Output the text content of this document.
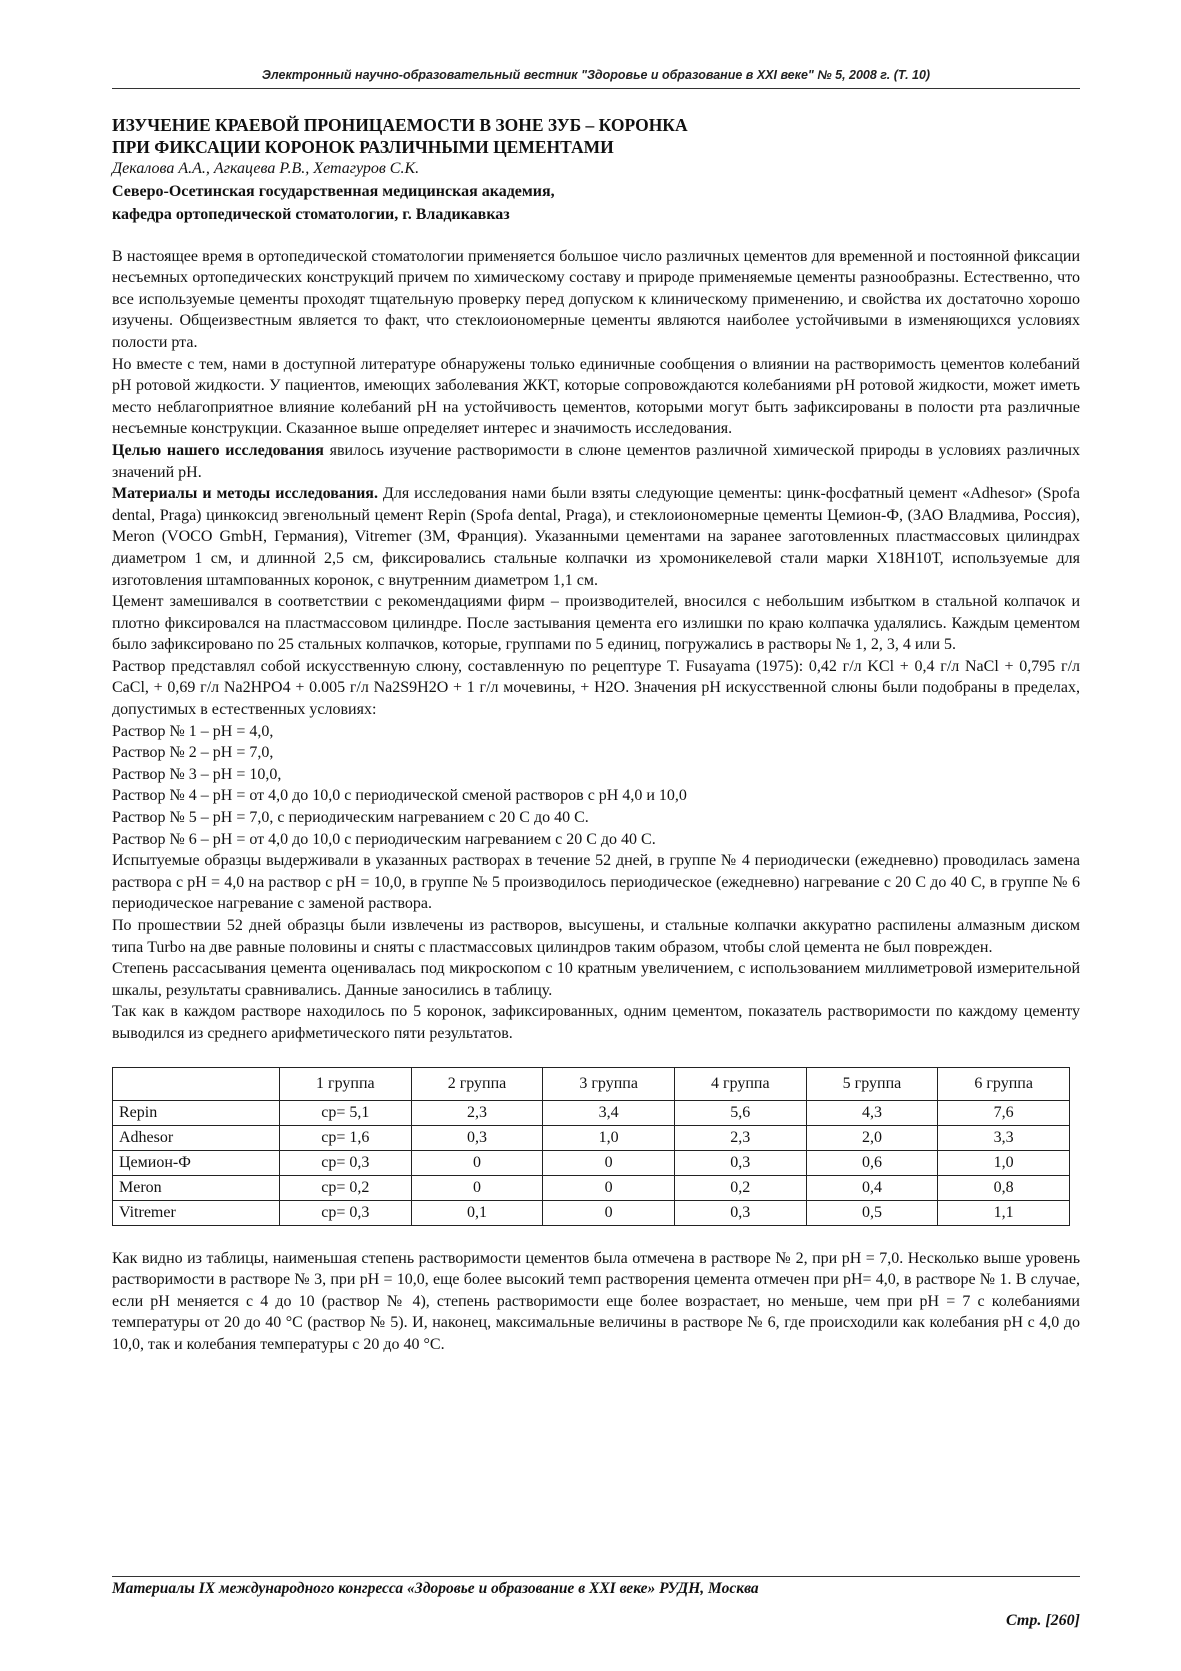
Электронный научно-образовательный вестник "Здоровье и образование в XXI веке" № 5, 2008 г. (Т. 10)

ИЗУЧЕНИЕ КРАЕВОЙ ПРОНИЦАЕМОСТИ В ЗОНЕ ЗУБ – КОРОНКА

ПРИ ФИКСАЦИИ КОРОНОК РАЗЛИЧНЫМИ ЦЕМЕНТАМИ

Декалова А.А., Агкацева Р.В., Хетагуров С.К.

Северо-Осетинская государственная медицинская академия,

кафедра ортопедической стоматологии, г. Владикавказ

В настоящее время в ортопедической стоматологии применяется большое число различных цементов для временной и постоянной фиксации несъемных ортопедических конструкций причем по химическому составу и природе применяемые цементы разнообразны. Естественно, что все используемые цементы проходят тщательную проверку перед допуском к клиническому применению, и свойства их достаточно хорошо изучены. Общеизвестным является то факт, что стеклоиономерные цементы являются наиболее устойчивыми в изменяющихся условиях полости рта.

Но вместе с тем, нами в доступной литературе обнаружены только единичные сообщения о влиянии на растворимость цементов колебаний pH ротовой жидкости. У пациентов, имеющих заболевания ЖКТ, которые сопровождаются колебаниями pH ротовой жидкости, может иметь место неблагоприятное влияние колебаний pH на устойчивость цементов, которыми могут быть зафиксированы в полости рта различные несъемные конструкции. Сказанное выше определяет интерес и значимость исследования.

Целью нашего исследования явилось изучение растворимости в слюне цементов различной химической природы в условиях различных значений pH.

Материалы и методы исследования. Для исследования нами были взяты следующие цементы: цинк-фосфатный цемент «Adhesor» (Spofa dental, Praga) цинкоксид эвгенольный цемент Repin (Spofa dental, Praga), и стеклоиономерные цементы Цемион-Ф, (ЗАО Владмива, Россия), Meron (VOCO GmbH, Германия), Vitremer (3M, Франция). Указанными цементами на заранее заготовленных пластмассовых цилиндрах диаметром 1 см, и длинной 2,5 см, фиксировались стальные колпачки из хромоникелевой стали марки Х18Н10Т, используемые для изготовления штампованных коронок, с внутренним диаметром 1,1 см.

Цемент замешивался в соответствии с рекомендациями фирм – производителей, вносился с небольшим избытком в стальной колпачок и плотно фиксировался на пластмассовом цилиндре. После застывания цемента его излишки по краю колпачка удалялись. Каждым цементом было зафиксировано по 25 стальных колпачков, которые, группами по 5 единиц, погружались в растворы № 1, 2, 3, 4 или 5.

Раствор представлял собой искусственную слюну, составленную по рецептуре T. Fusayama (1975): 0,42 г/л KCl + 0,4 г/л NaCl + 0,795 г/л CaCl, + 0,69 г/л Na2HPO4 + 0.005 г/л Na2S9H2O + 1 г/л мочевины, + H2O. Значения pH искусственной слюны были подобраны в пределах, допустимых в естественных условиях:

Раствор № 1 – pH = 4,0,

Раствор № 2 – pH = 7,0,

Раствор № 3 – pH = 10,0,

Раствор № 4 – pH = от 4,0 до 10,0 с периодической сменой растворов с pH 4,0 и 10,0

Раствор № 5 – pH = 7,0, с периодическим нагреванием с 20 С до 40 С.

Раствор № 6 – pH = от 4,0 до 10,0 с периодическим нагреванием с 20 С до 40 С.

Испытуемые образцы выдерживали в указанных растворах в течение 52 дней, в группе № 4 периодически (ежедневно) проводилась замена раствора с pH = 4,0 на раствор с pH = 10,0, в группе № 5 производилось периодическое (ежедневно) нагревание с 20 С до 40 С, в группе № 6 периодическое нагревание с заменой раствора.

По прошествии 52 дней образцы были извлечены из растворов, высушены, и стальные колпачки аккуратно распилены алмазным диском типа Turbo на две равные половины и сняты с пластмассовых цилиндров таким образом, чтобы слой цемента не был поврежден.

Степень рассасывания цемента оценивалась под микроскопом с 10 кратным увеличением, с использованием миллиметровой измерительной шкалы, результаты сравнивались. Данные заносились в таблицу.

Так как в каждом растворе находилось по 5 коронок, зафиксированных, одним цементом, показатель растворимости по каждому цементу выводился из среднего арифметического пяти результатов.

	1 группа	2 группа	3 группа	4 группа	5 группа	6 группа
Repin	ср= 5,1	2,3	3,4	5,6	4,3	7,6
Adhesor	ср= 1,6	0,3	1,0	2,3	2,0	3,3
Цемион-Ф	ср= 0,3	0	0	0,3	0,6	1,0
Meron	ср= 0,2	0	0	0,2	0,4	0,8
Vitremer	ср= 0,3	0,1	0	0,3	0,5	1,1

Как видно из таблицы, наименьшая степень растворимости цементов была отмечена в растворе № 2, при pH = 7,0. Несколько выше уровень растворимости в растворе № 3, при pH = 10,0, еще более высокий темп растворения цемента отмечен при pH= 4,0, в растворе № 1. В случае, если pH меняется с 4 до 10 (раствор № 4), степень растворимости еще более возрастает, но меньше, чем при pH = 7 с колебаниями температуры от 20 до 40 °С (раствор № 5). И, наконец, максимальные величины в растворе № 6, где происходили как колебания pH с 4,0 до 10,0, так и колебания температуры с 20 до 40 °С.

Материалы IX международного конгресса «Здоровье и образование в XXI веке» РУДН, Москва
Стр. [260]
